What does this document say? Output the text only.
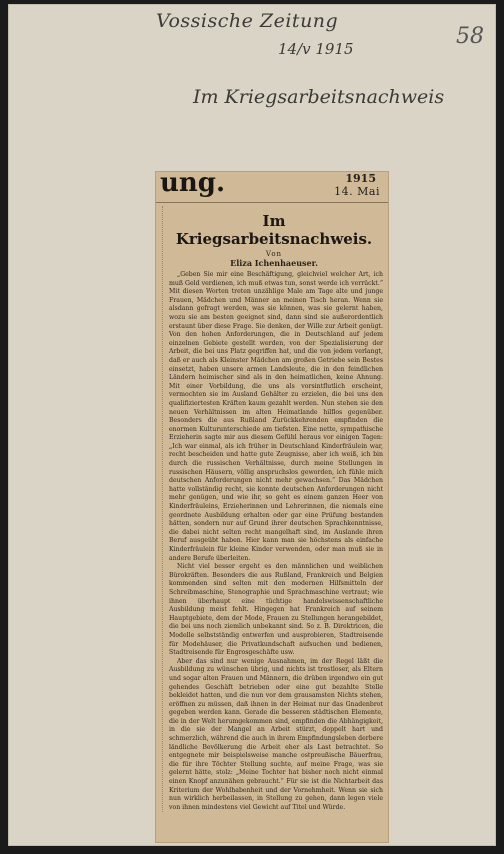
Vossische Zeitung
14/v 1915
Im Kriegsarbeitsnachweis
58
ung.	1915
14. Mai
Im Kriegsarbeitsnachweis.
Von
Eliza Ichenhaeuser.

„Geben Sie mir eine Beschäftigung, gleichviel welcher Art, ich muß Geld verdienen, ich muß etwas tun, sonst werde ich verrückt.“ Mit diesen Worten treten unzählige Male am Tage alte und junge Frauen, Mädchen und Männer an meinen Tisch heran. Wenn sie alsdann gefragt werden, was sie können, was sie gelernt haben, wozu sie am besten geeignet sind, dann sind sie außerordentlich erstaunt über diese Frage. Sie denken, der Wille zur Arbeit genügt. Von den hohen Anforderungen, die in Deutschland auf jedem einzelnen Gebiete gestellt werden, von der Spezialisierung der Arbeit, die bei uns Platz gegriffen hat, und die von jedem verlangt, daß er auch als Kleinster Mädchen am großen Getriebe sein Bestes einsetzt, haben unsere armen Landsleute, die in den feindlichen Ländern heimischer sind als in den heimatlichen, keine Ahnung. Mit einer Vorbildung, die uns als vorsintflutlich erscheint, vermochten sie im Ausland Gehälter zu erzielen, die bei uns den qualifiziertesten Kräften kaum gezahlt werden. Nun stehen sie den neuen Verhältnissen im alten Heimatlande hilflos gegenüber. Besonders die aus Rußland Zurückkehrenden empfinden die enormen Kulturunterschiede am tiefsten. Eine nette, sympathische Erzieherin sagte mir aus diesem Gefühl heraus vor einigen Tagen: „Ich war einmal, als ich früher in Deutschland Kinderfräulein war, recht bescheiden und hatte gute Zeugnisse, aber ich weiß, ich bin durch die russischen Verhältnisse, durch meine Stellungen in russischen Häusern, völlig anspruchslos geworden, ich fühle mich deutschen Anforderungen nicht mehr gewachsen.“ Das Mädchen hatte vollständig recht, sie konnte deutschen Anforderungen nicht mehr genügen, und wie ihr, so geht es einem ganzen Heer von Kinderfräuleins, Erzieherinnen und Lehrerinnen, die niemals eine geordnete Ausbildung erhalten oder gar eine Prüfung bestanden hätten, sondern nur auf Grund ihrer deutschen Sprachkenntnisse, die dabei nicht selten recht mangelhaft sind, im Auslande ihren Beruf ausgeübt haben. Hier kann man sie höchstens als einfache Kinderfräulein für kleine Kinder verwenden, oder man muß sie in andere Berufe überleiten.

Nicht viel besser ergeht es den männlichen und weiblichen Bürokräften. Besonders die aus Rußland, Frankreich und Belgien kommenden sind selten mit den modernen Hilfsmitteln der Schreibmaschine, Stenographie und Sprachmaschine vertraut; wie ihnen überhaupt eine tüchtige handelswissenschaftliche Ausbildung meist fehlt. Hingegen hat Frankreich auf seinem Hauptgebiete, dem der Mode, Frauen zu Stellungen herangebildet, die bei uns noch ziemlich unbekannt sind. So z. B. Direktricen, die Modelle selbstständig entwerfen und ausprobieren, Stadtreisende für Modehäuser, die Privatkundschaft aufsuchen und bedienen, Stadtreisende für Engrosgeschäfte usw.

Aber das sind nur wenige Ausnahmen, im der Regel läßt die Ausbildung zu wünschen übrig, und nichts ist trostloser, als Eltern und sogar alten Frauen und Männern, die drüben irgendwo ein gut gehendes Geschäft betrieben oder eine gut bezahlte Stelle bekleidet hatten, und die nun vor dem grausamsten Nichts stehen, eröffnen zu müssen, daß ihnen in der Heimat nur das Gnadenbrot gegeben werden kann. Gerade die besseren städtischen Elemente, die in der Welt herumgekommen sind, empfinden die Abhängigkeit, in die sie der Mangel an Arbeit stürzt, doppelt hart und schmerzlich, während die auch in ihrem Empfindungsleben derbere ländliche Bevölkerung die Arbeit eher als Last betrachtet. So entgegnete mir beispielsweise manche ostpreußische Bäuerfrau, die für ihre Töchter Stellung suchte, auf meine Frage, was sie gelernt hätte, stolz: „Meine Tochter hat bisher noch nicht einmal einen Knopf anzunähen gebraucht.“ Für sie ist die Nichtarbeit das Kriterium der Wohlhabenheit und der Vornehmheit. Wenn sie sich nun wirklich herbeilassen, in Stellung zu gehen, dann legen viele von ihnen mindestens viel Gewicht auf Titel und Würde.
